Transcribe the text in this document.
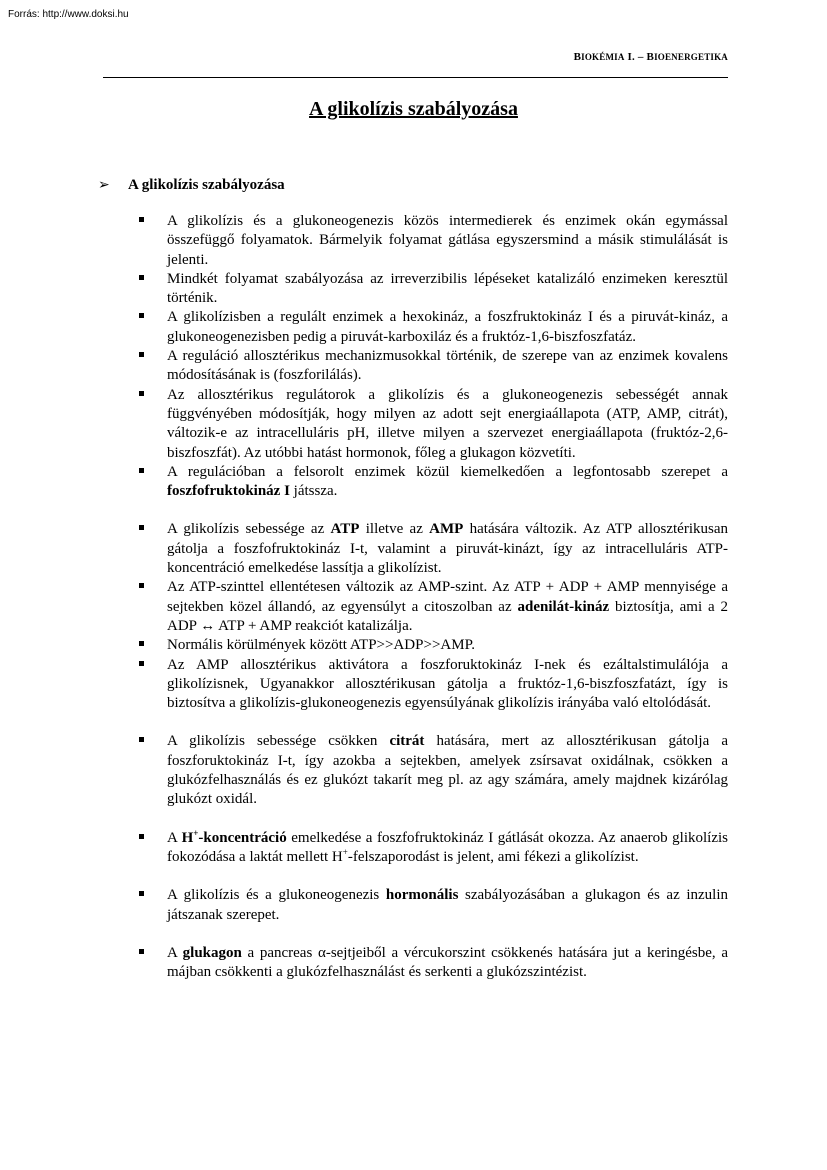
Forrás: http://www.doksi.hu
BIOKÉMIA I. – BIOENERGETIKA
A glikolízis szabályozása
➢ A glikolízis szabályozása
A glikolízis és a glukoneogenezis közös intermedierek és enzimek okán egymással összefüggő folyamatok. Bármelyik folyamat gátlása egyszersmind a másik stimulálását is jelenti.
Mindkét folyamat szabályozása az irreverzibilis lépéseket katalizáló enzimeken keresztül történik.
A glikolízisben a regulált enzimek a hexokináz, a foszfruktokináz I és a piruvát-kináz, a glukoneogenezisben pedig a piruvát-karboxiláz és a fruktóz-1,6-biszfoszfatáz.
A reguláció allosztérikus mechanizmusokkal történik, de szerepe van az enzimek kovalens módosításának is (foszforilálás).
Az allosztérikus regulátorok a glikolízis és a glukoneogenezis sebességét annak függvényében módosítják, hogy milyen az adott sejt energiaállapota (ATP, AMP, citrát), változik-e az intracelluláris pH, illetve milyen a szervezet energiaállapota (fruktóz-2,6-biszfoszfát). Az utóbbi hatást hormonok, főleg a glukagon közvetíti.
A regulációban a felsorolt enzimek közül kiemelkedően a legfontosabb szerepet a foszfofruktokináz I játssza.
A glikolízis sebessége az ATP illetve az AMP hatására változik. Az ATP allosztérikusan gátolja a foszfofruktokináz I-t, valamint a piruvát-kinázt, így az intracelluláris ATP-koncentráció emelkedése lassítja a glikolízist.
Az ATP-szinttel ellentétesen változik az AMP-szint. Az ATP + ADP + AMP mennyisége a sejtekben közel állandó, az egyensúlyt a citoszolban az adenilát-kináz biztosítja, ami a 2 ADP ↔ ATP + AMP reakciót katalizálja.
Normális körülmények között ATP>>ADP>>AMP.
Az AMP allosztérikus aktivátora a foszforuktokináz I-nek és ezáltalstimulálója a glikolízisnek, Ugyanakkor allosztérikusan gátolja a fruktóz-1,6-biszfoszfatázt, így is biztosítva a glikolízis-glukoneogenezis egyensúlyának glikolízis irányába való eltolódását.
A glikolízis sebessége csökken citrát hatására, mert az allosztérikusan gátolja a foszforuktokináz I-t, így azokba a sejtekben, amelyek zsírsavat oxidálnak, csökken a glukózfelhasználás és ez glukózt takarít meg pl. az agy számára, amely majdnek kizárólag glukózt oxidál.
A H+-koncentráció emelkedése a foszfofruktokináz I gátlását okozza. Az anaerob glikolízis fokozódása a laktát mellett H+-felszaporodást is jelent, ami fékezi a glikolízist.
A glikolízis és a glukoneogenezis hormonális szabályozásában a glukagon és az inzulin játszanak szerepet.
A glukagon a pancreas α-sejtjeiből a vércukorszint csökkenés hatására jut a keringésbe, a májban csökkenti a glukózfelhasználást és serkenti a glukózszintézist.
